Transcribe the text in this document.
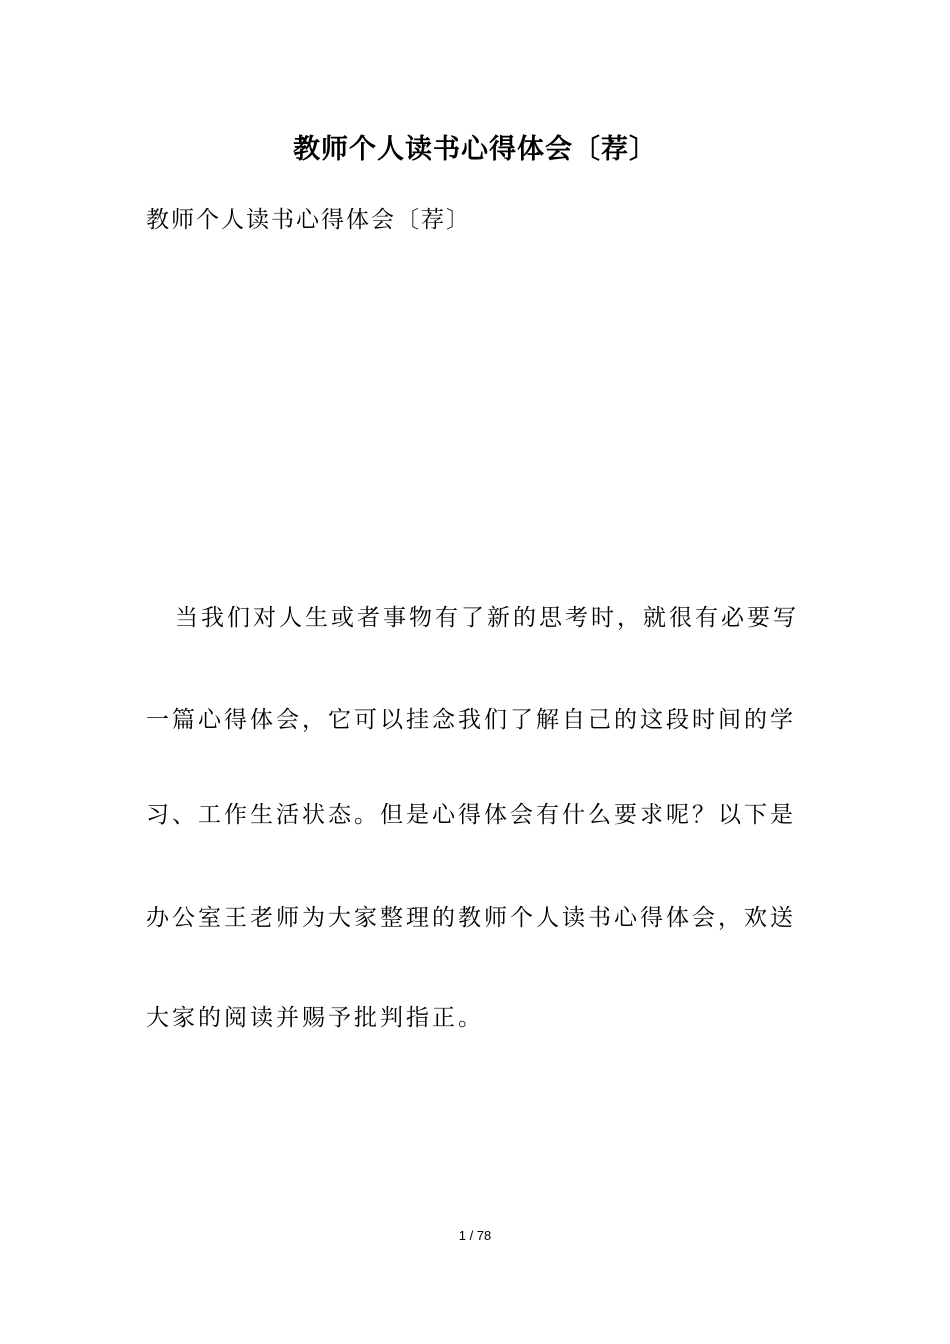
教师个人读书心得体会〔荐〕
教师个人读书心得体会〔荐〕
当我们对人生或者事物有了新的思考时，就很有必要写
一篇心得体会，它可以挂念我们了解自己的这段时间的学
习、工作生活状态。但是心得体会有什么要求呢？以下是
办公室王老师为大家整理的教师个人读书心得体会，欢送
大家的阅读并赐予批判指正。
1 / 78
